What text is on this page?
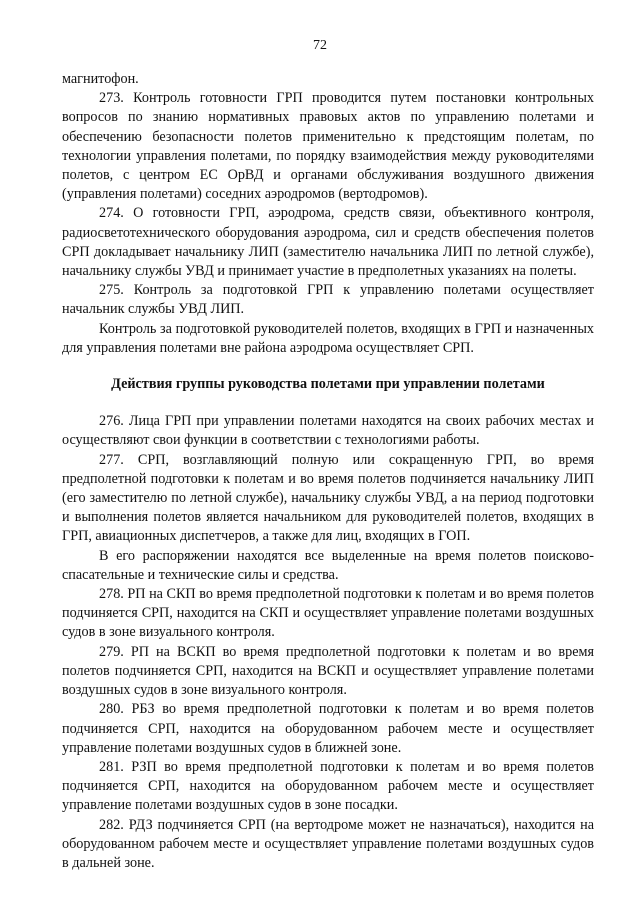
72

магнитофон.

273. Контроль готовности ГРП проводится путем постановки контрольных вопросов по знанию нормативных правовых актов по управлению полетами и обеспечению безопасности полетов применительно к предстоящим полетам, по технологии управления полетами, по порядку взаимодействия между руководителями полетов, с центром ЕС ОрВД и органами обслуживания воздушного движения (управления полетами) соседних аэродромов (вертодромов).

274. О готовности ГРП, аэродрома, средств связи, объективного контроля, радиосветотехнического оборудования аэродрома, сил и средств обеспечения полетов СРП докладывает начальнику ЛИП (заместителю начальника ЛИП по летной службе), начальнику службы УВД и принимает участие в предполетных указаниях на полеты.

275. Контроль за подготовкой ГРП к управлению полетами осуществляет начальник службы УВД ЛИП.

Контроль за подготовкой руководителей полетов, входящих в ГРП и назначенных для управления полетами вне района аэродрома осуществляет СРП.

Действия группы руководства полетами при управлении полетами

276. Лица ГРП при управлении полетами находятся на своих рабочих местах и осуществляют свои функции в соответствии с технологиями работы.

277. СРП, возглавляющий полную или сокращенную ГРП, во время предполетной подготовки к полетам и во время полетов подчиняется начальнику ЛИП (его заместителю по летной службе), начальнику службы УВД, а на период подготовки и выполнения полетов является начальником для руководителей полетов, входящих в ГРП, авиационных диспетчеров, а также для лиц, входящих в ГОП.

В его распоряжении находятся все выделенные на время полетов поисково-спасательные и технические силы и средства.

278. РП на СКП во время предполетной подготовки к полетам и во время полетов подчиняется СРП, находится на СКП и осуществляет управление полетами воздушных судов в зоне визуального контроля.

279. РП на ВСКП во время предполетной подготовки к полетам и во время полетов подчиняется СРП, находится на ВСКП и осуществляет управление полетами воздушных судов в зоне визуального контроля.

280. РБЗ во время предполетной подготовки к полетам и во время полетов подчиняется СРП, находится на оборудованном рабочем месте и осуществляет управление полетами воздушных судов в ближней зоне.

281. РЗП во время предполетной подготовки к полетам и во время полетов подчиняется СРП, находится на оборудованном рабочем месте и осуществляет управление полетами воздушных судов в зоне посадки.

282. РДЗ подчиняется СРП (на вертодроме может не назначаться), находится на оборудованном рабочем месте и осуществляет управление полетами воздушных судов в дальней зоне.
